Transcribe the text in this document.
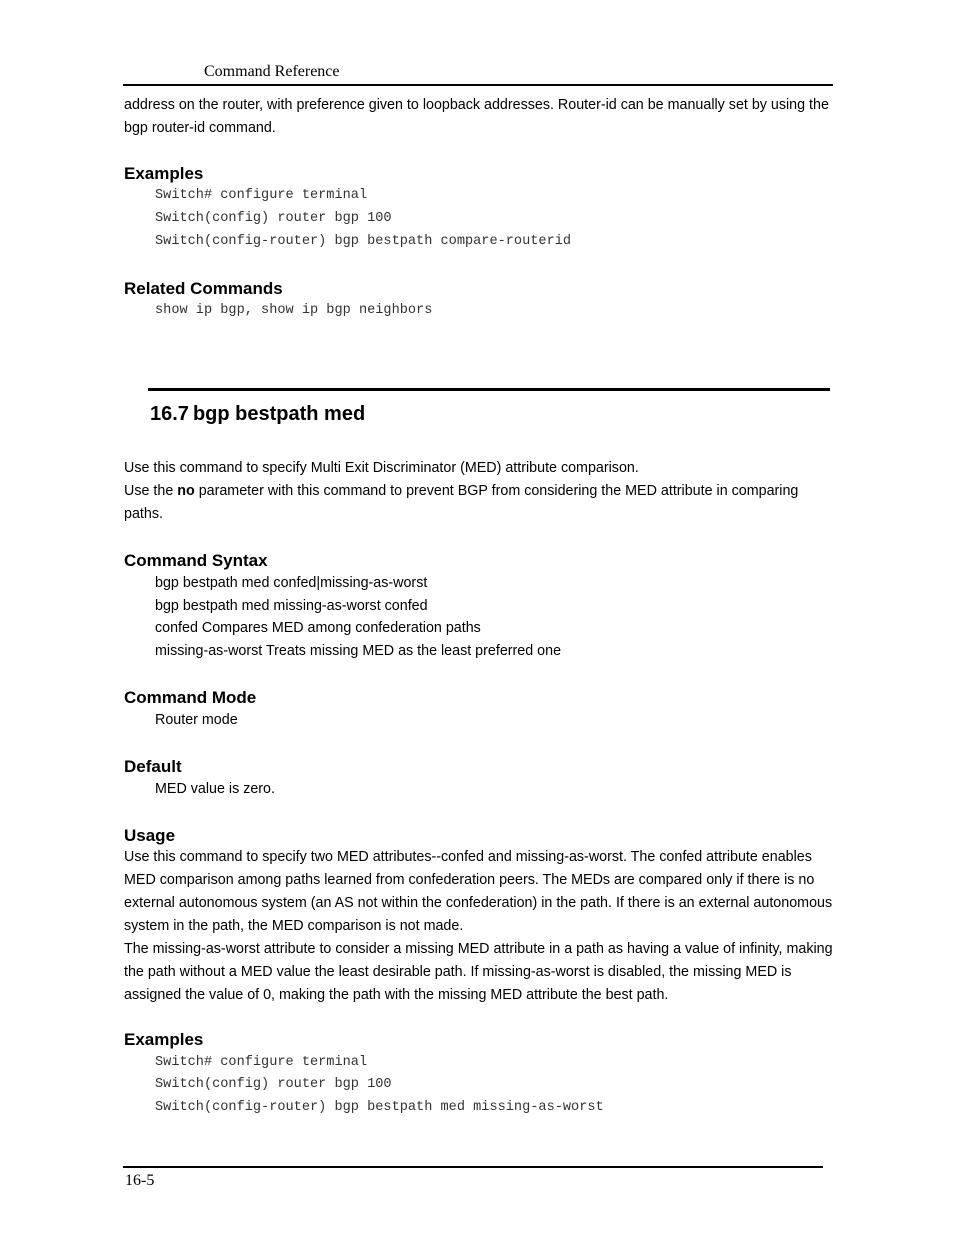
Command Reference
address on the router, with preference given to loopback addresses. Router-id can be manually set by using the bgp router-id command.
Examples
Switch# configure terminal
Switch(config) router bgp 100
Switch(config-router) bgp bestpath compare-routerid
Related Commands
show ip bgp, show ip bgp neighbors
16.7 bgp bestpath med
Use this command to specify Multi Exit Discriminator (MED) attribute comparison.
Use the no parameter with this command to prevent BGP from considering the MED attribute in comparing paths.
Command Syntax
bgp bestpath med confed|missing-as-worst
bgp bestpath med missing-as-worst confed
confed Compares MED among confederation paths
missing-as-worst Treats missing MED as the least preferred one
Command Mode
Router mode
Default
MED value is zero.
Usage
Use this command to specify two MED attributes--confed and missing-as-worst. The confed attribute enables MED comparison among paths learned from confederation peers. The MEDs are compared only if there is no external autonomous system (an AS not within the confederation) in the path. If there is an external autonomous system in the path, the MED comparison is not made.
The missing-as-worst attribute to consider a missing MED attribute in a path as having a value of infinity, making the path without a MED value the least desirable path. If missing-as-worst is disabled, the missing MED is assigned the value of 0, making the path with the missing MED attribute the best path.
Examples
Switch# configure terminal
Switch(config) router bgp 100
Switch(config-router) bgp bestpath med missing-as-worst
16-5
